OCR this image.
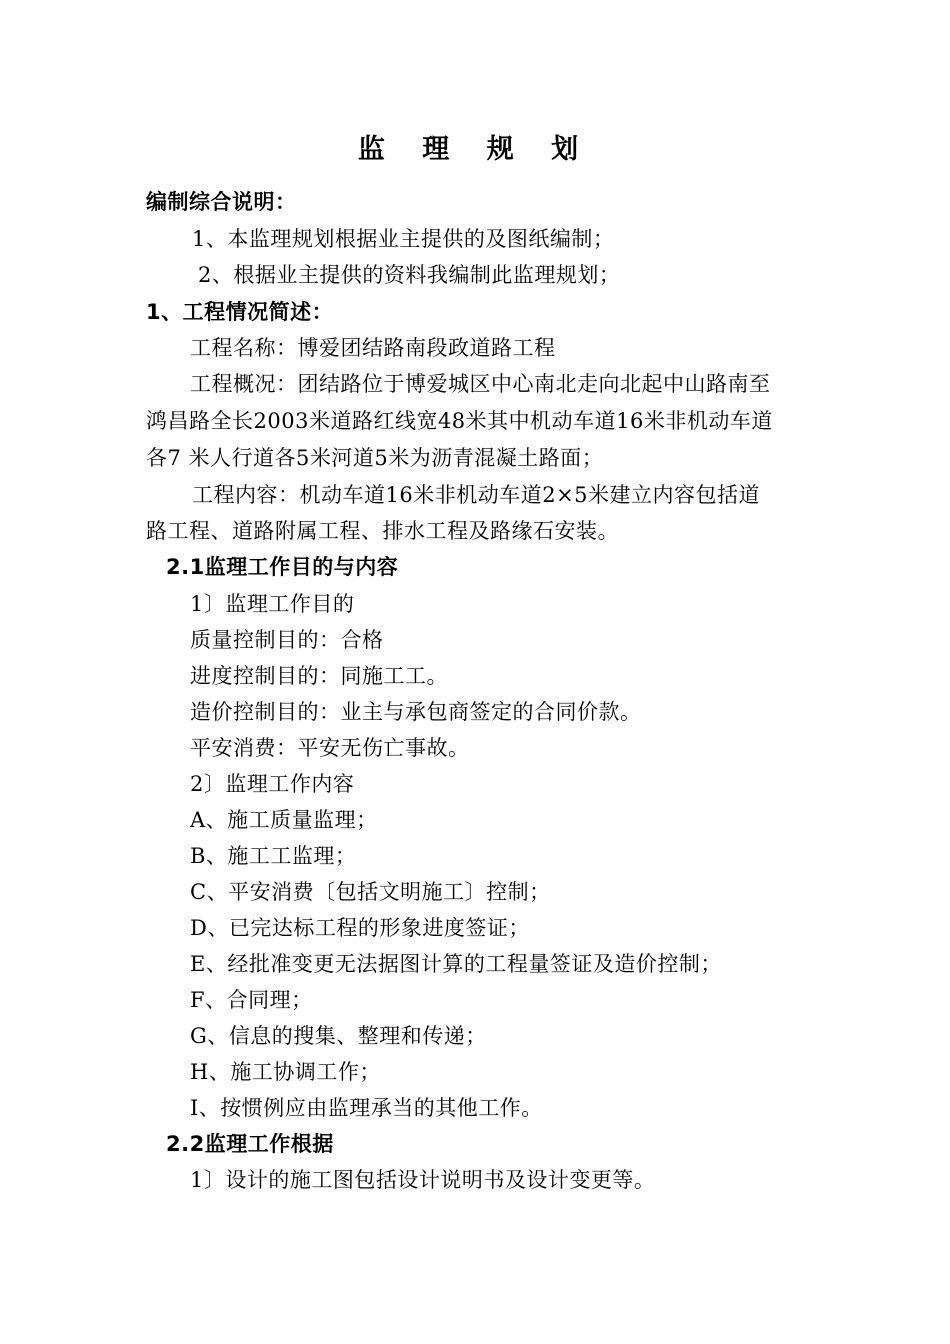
监 理 规 划
编制综合说明：
1、本监理规划根据业主提供的及图纸编制；
2、根据业主提供的资料我编制此监理规划；
1、工程情况简述：
工程名称：博爱团结路南段政道路工程
工程概况：团结路位于博爱城区中心南北走向北起中山路南至
鸿昌路全长2003米道路红线宽48米其中机动车道16米非机动车道
各7 米人行道各5米河道5米为沥青混凝土路面；
工程内容：机动车道16米非机动车道2×5米建立内容包括道
路工程、道路附属工程、排水工程及路缘石安装。
2.1监理工作目的与内容
1〕监理工作目的
质量控制目的：合格
进度控制目的：同施工工。
造价控制目的：业主与承包商签定的合同价款。
平安消费：平安无伤亡事故。
2〕监理工作内容
A、施工质量监理；
B、施工工监理；
C、平安消费〔包括文明施工〕控制；
D、已完达标工程的形象进度签证；
E、经批准变更无法据图计算的工程量签证及造价控制；
F、合同理；
G、信息的搜集、整理和传递；
H、施工协调工作；
I、按惯例应由监理承当的其他工作。
2.2监理工作根据
1〕设计的施工图包括设计说明书及设计变更等。
